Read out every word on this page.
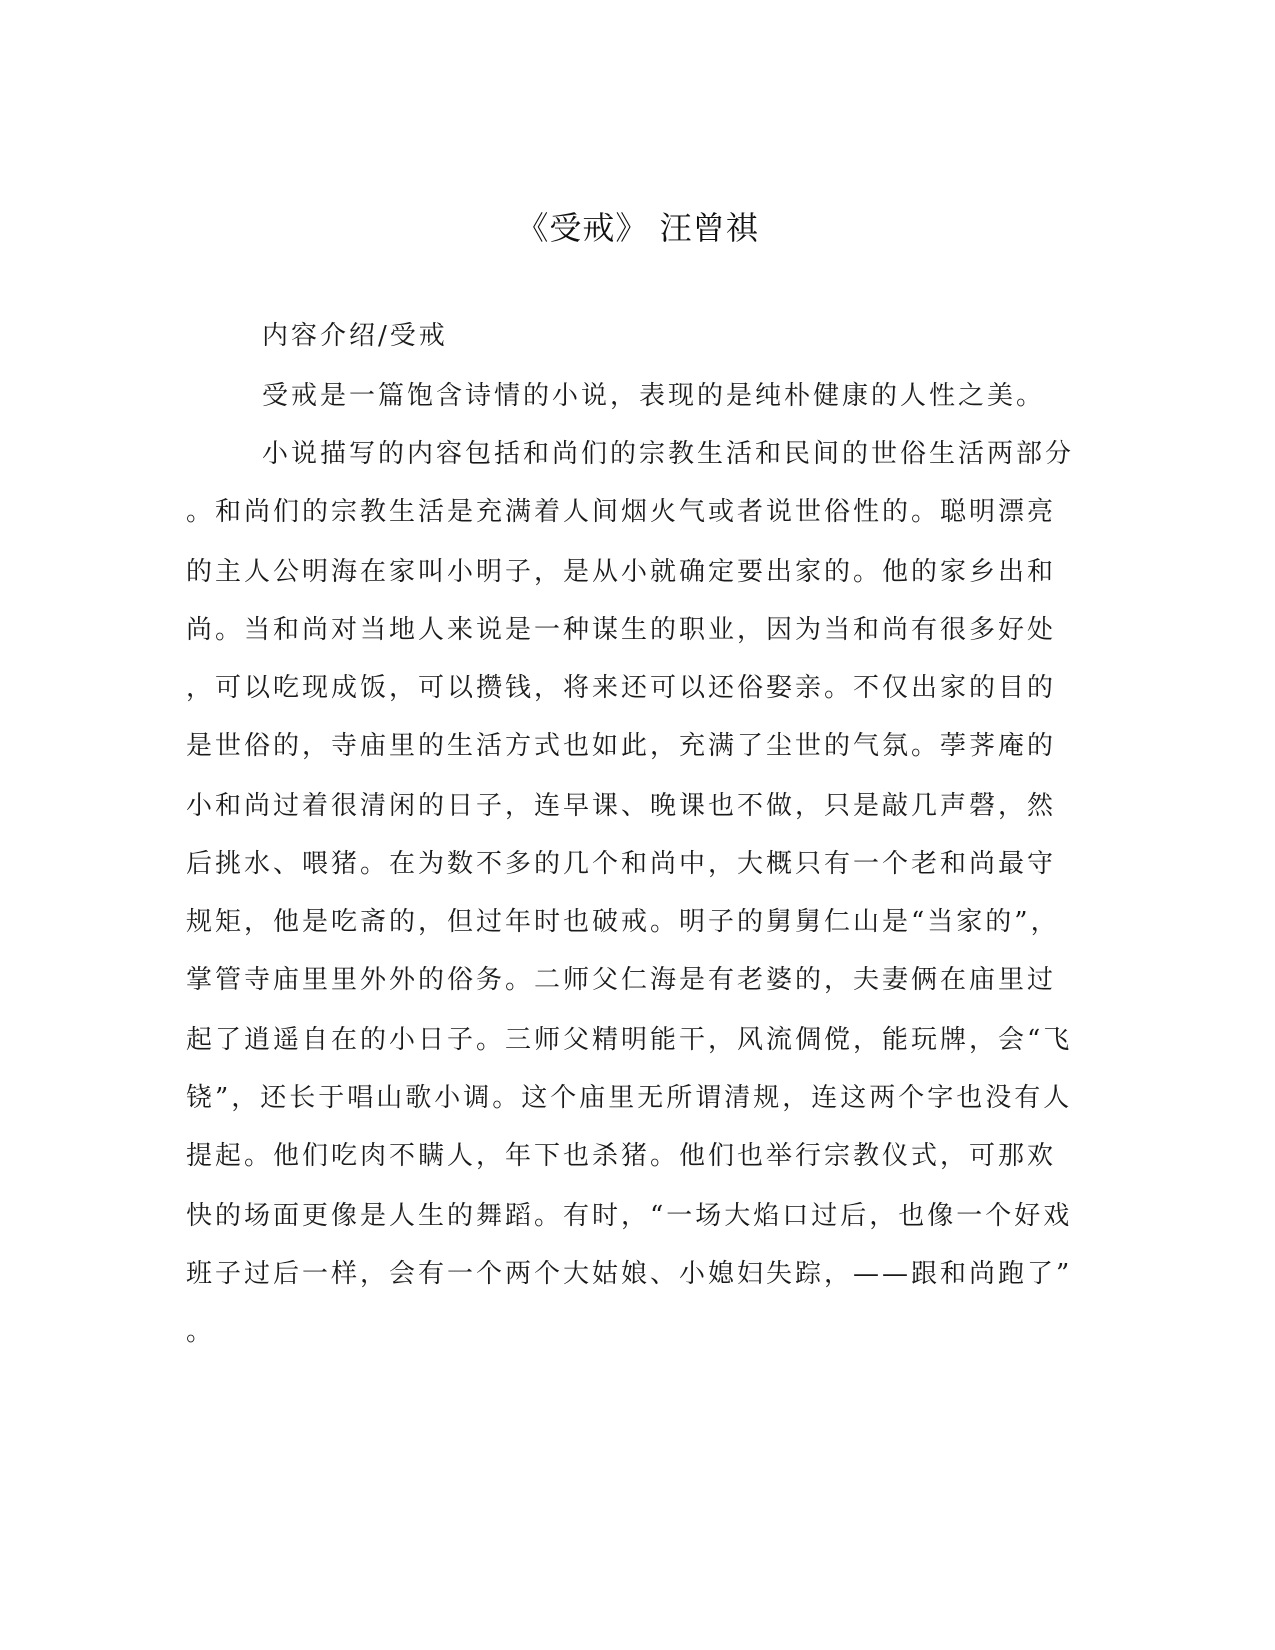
《受戒》 汪曾祺
内容介绍/受戒
受戒是一篇饱含诗情的小说，表现的是纯朴健康的人性之美。
小说描写的内容包括和尚们的宗教生活和民间的世俗生活两部分
。和尚们的宗教生活是充满着人间烟火气或者说世俗性的。聪明漂亮
的主人公明海在家叫小明子，是从小就确定要出家的。他的家乡出和
尚。当和尚对当地人来说是一种谋生的职业，因为当和尚有很多好处
，可以吃现成饭，可以攒钱，将来还可以还俗娶亲。不仅出家的目的
是世俗的，寺庙里的生活方式也如此，充满了尘世的气氛。荸荠庵的
小和尚过着很清闲的日子，连早课、晚课也不做，只是敲几声磬，然
后挑水、喂猪。在为数不多的几个和尚中，大概只有一个老和尚最守
规矩，他是吃斋的，但过年时也破戒。明子的舅舅仁山是“当家的”，
掌管寺庙里里外外的俗务。二师父仁海是有老婆的，夫妻俩在庙里过
起了逍遥自在的小日子。三师父精明能干，风流倜傥，能玩牌，会“飞
铙”，还长于唱山歌小调。这个庙里无所谓清规，连这两个字也没有人
提起。他们吃肉不瞒人，年下也杀猪。他们也举行宗教仪式，可那欢
快的场面更像是人生的舞蹈。有时，“一场大焰口过后，也像一个好戏
班子过后一样，会有一个两个大姑娘、小媳妇失踪，——跟和尚跑了”
。
